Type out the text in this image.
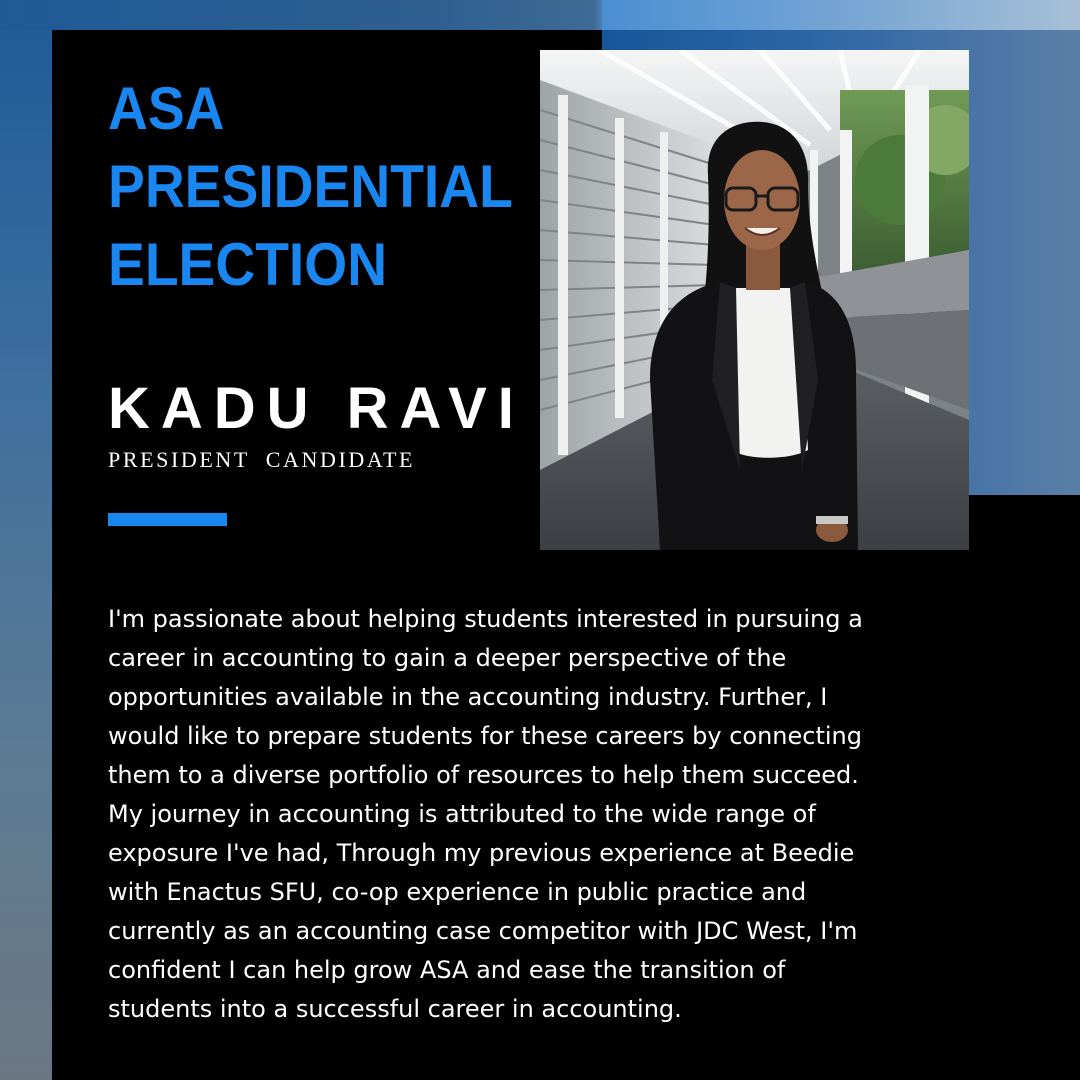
ASA
PRESIDENTIAL
ELECTION
KADU RAVI
PRESIDENT  CANDIDATE

I'm passionate about helping students interested in pursuing a
career in accounting to gain a deeper perspective of the
opportunities available in the accounting industry. Further, I
would like to prepare students for these careers by connecting
them to a diverse portfolio of resources to help them succeed.
My journey in accounting is attributed to the wide range of
exposure I've had, Through my previous experience at Beedie
with Enactus SFU, co-op experience in public practice and
currently as an accounting case competitor with JDC West, I'm
confident I can help grow ASA and ease the transition of
students into a successful career in accounting.
